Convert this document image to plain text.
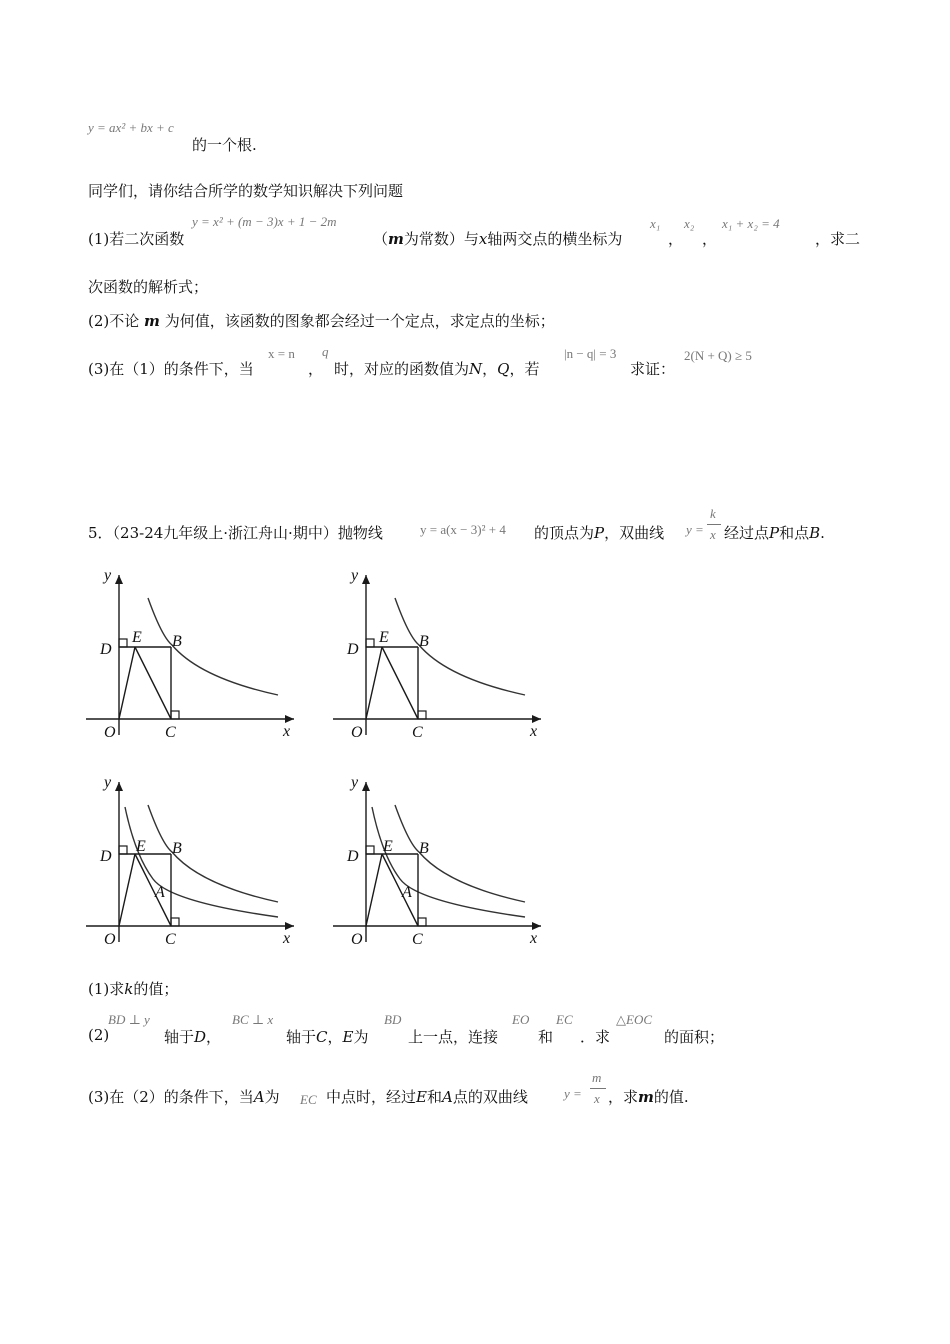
y = ax² + bx + c
的一个根.
同学们，请你结合所学的数学知识解决下列问题
(1)若二次函数
y = x² + (m − 3)x + 1 − 2m
（m为常数）与x轴两交点的横坐标为
x₁
，
x₂
，
x₁ + x₂ = 4
，求二
次函数的解析式；
(2)不论 m 为何值，该函数的图象都会经过一个定点，求定点的坐标；
(3)在（1）的条件下，当
x = n
，
q
时，对应的函数值为N，Q，若
|n − q| = 3
求证：
2(N + Q) ≥ 5
5．（23-24九年级上·浙江舟山·期中）抛物线	y = a(x − 3)² + 4 的顶点为P，双曲线 y =
k
x 经过点P和点B.
y
x
O	C
D
E B
y
x
O	C
D
E B
y
x
O	C
D
E B
A
y
x
O	C
D
E B
A
(1)求k的值；
(2)
BD ⊥ y
轴于D，
BC ⊥ x
轴于C，E为
BD
上一点，连接
EO
和
EC
．求
△EOC
的面积；
(3)在（2）的条件下，当A为 EC 中点时，经过E和A点的双曲线	y =
m
x ，求m的值.
